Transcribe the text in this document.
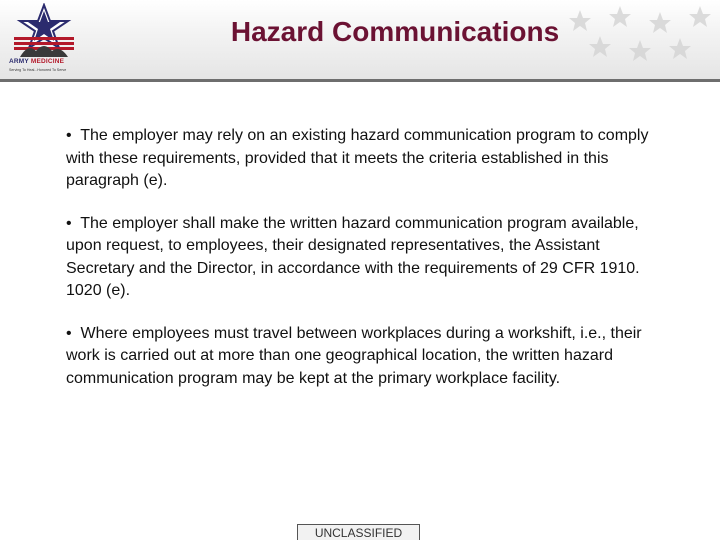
ARMY MEDICINE
Serving To Heal...Honored To Serve
Hazard Communications

• The employer may rely on an existing hazard communication program to comply with these requirements, provided that it meets the criteria established in this paragraph (e).

• The employer shall make the written hazard communication program available, upon request, to employees, their designated representatives, the Assistant Secretary and the Director, in accordance with the requirements of 29 CFR 1910. 1020 (e).

• Where employees must travel between workplaces during a workshift, i.e., their work is carried out at more than one geographical location, the written hazard communication program may be kept at the primary workplace facility.

UNCLASSIFIED
